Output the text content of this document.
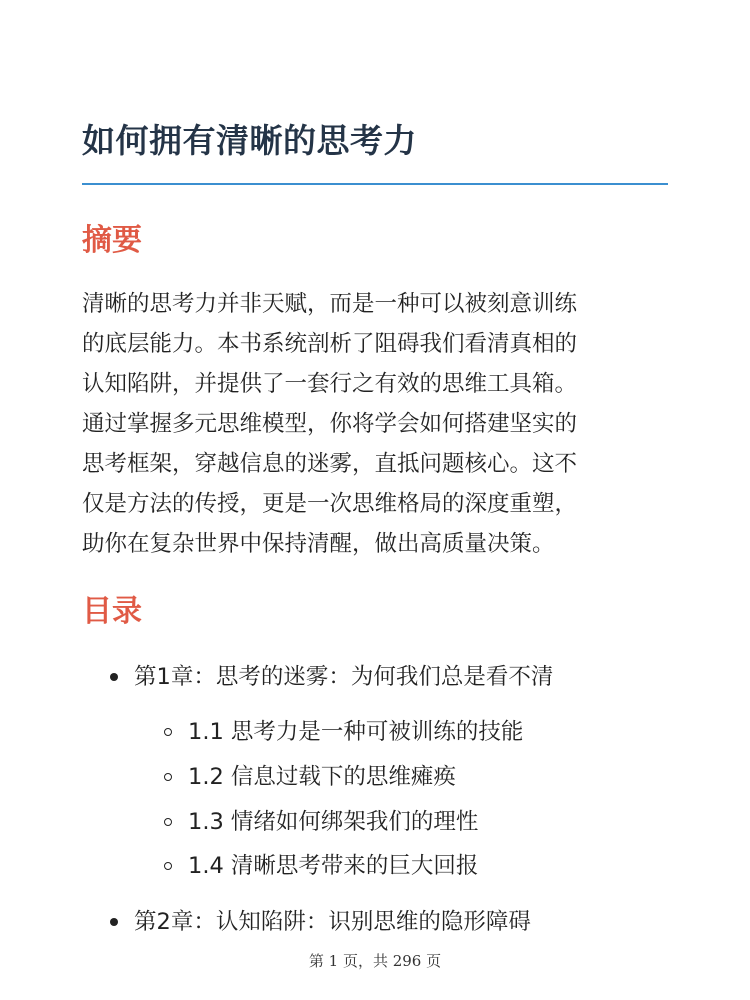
如何拥有清晰的思考力
摘要

清晰的思考力并非天赋，而是一种可以被刻意训练
的底层能力。本书系统剖析了阻碍我们看清真相的
认知陷阱，并提供了一套行之有效的思维工具箱。
通过掌握多元思维模型，你将学会如何搭建坚实的
思考框架，穿越信息的迷雾，直抵问题核心。这不
仅是方法的传授，更是一次思维格局的深度重塑，
助你在复杂世界中保持清醒，做出高质量决策。

目录
第1章：思考的迷雾：为何我们总是看不清
1.1 思考力是一种可被训练的技能
1.2 信息过载下的思维瘫痪
1.3 情绪如何绑架我们的理性
1.4 清晰思考带来的巨大回报
第2章：认知陷阱：识别思维的隐形障碍
第 1 页，共 296 页
